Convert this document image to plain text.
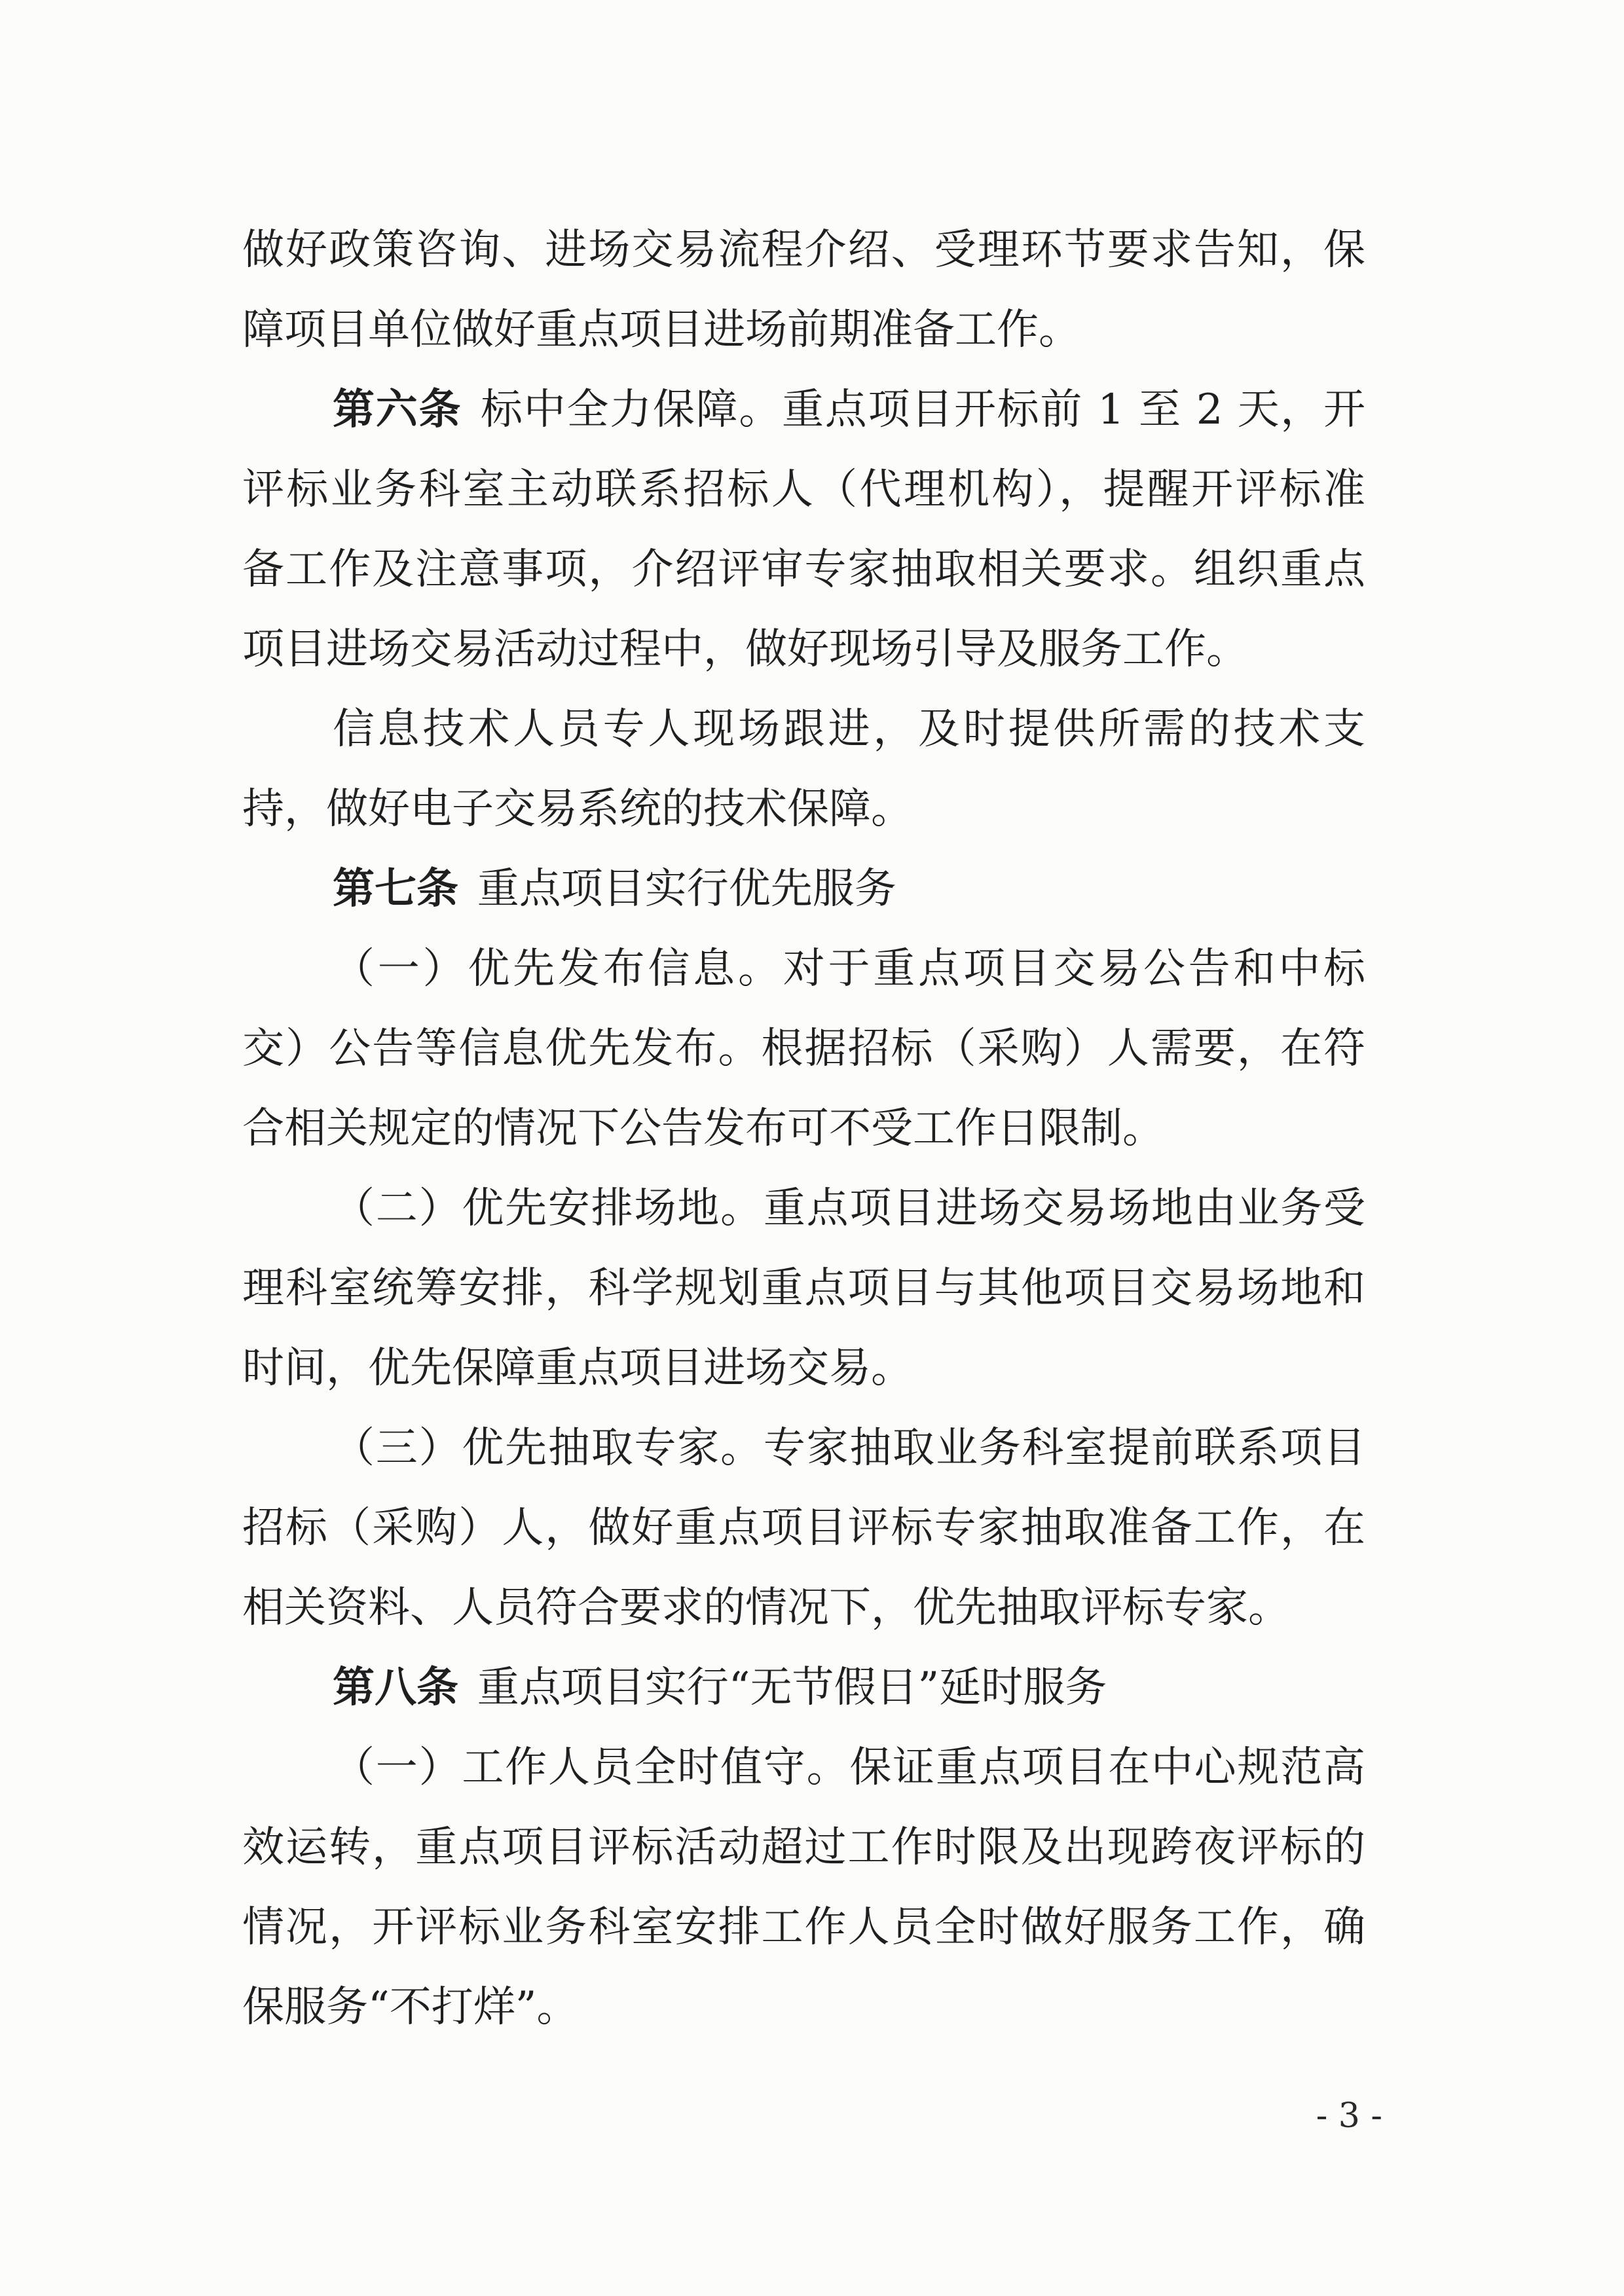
做好政策咨询、进场交易流程介绍、受理环节要求告知，保
障项目单位做好重点项目进场前期准备工作。
第六条 标中全力保障。重点项目开标前 1 至 2 天，开
评标业务科室主动联系招标人（代理机构），提醒开评标准
备工作及注意事项，介绍评审专家抽取相关要求。组织重点
项目进场交易活动过程中，做好现场引导及服务工作。
信息技术人员专人现场跟进，及时提供所需的技术支
持，做好电子交易系统的技术保障。
第七条 重点项目实行优先服务
（一）优先发布信息。对于重点项目交易公告和中标
交）公告等信息优先发布。根据招标（采购）人需要，在符
合相关规定的情况下公告发布可不受工作日限制。
（二）优先安排场地。重点项目进场交易场地由业务受
理科室统筹安排，科学规划重点项目与其他项目交易场地和
时间，优先保障重点项目进场交易。
（三）优先抽取专家。专家抽取业务科室提前联系项目
招标（采购）人，做好重点项目评标专家抽取准备工作，在
相关资料、人员符合要求的情况下，优先抽取评标专家。
第八条 重点项目实行“无节假日”延时服务
（一）工作人员全时值守。保证重点项目在中心规范高
效运转，重点项目评标活动超过工作时限及出现跨夜评标的
情况，开评标业务科室安排工作人员全时做好服务工作，确
保服务“不打烊”。
- 3 -
